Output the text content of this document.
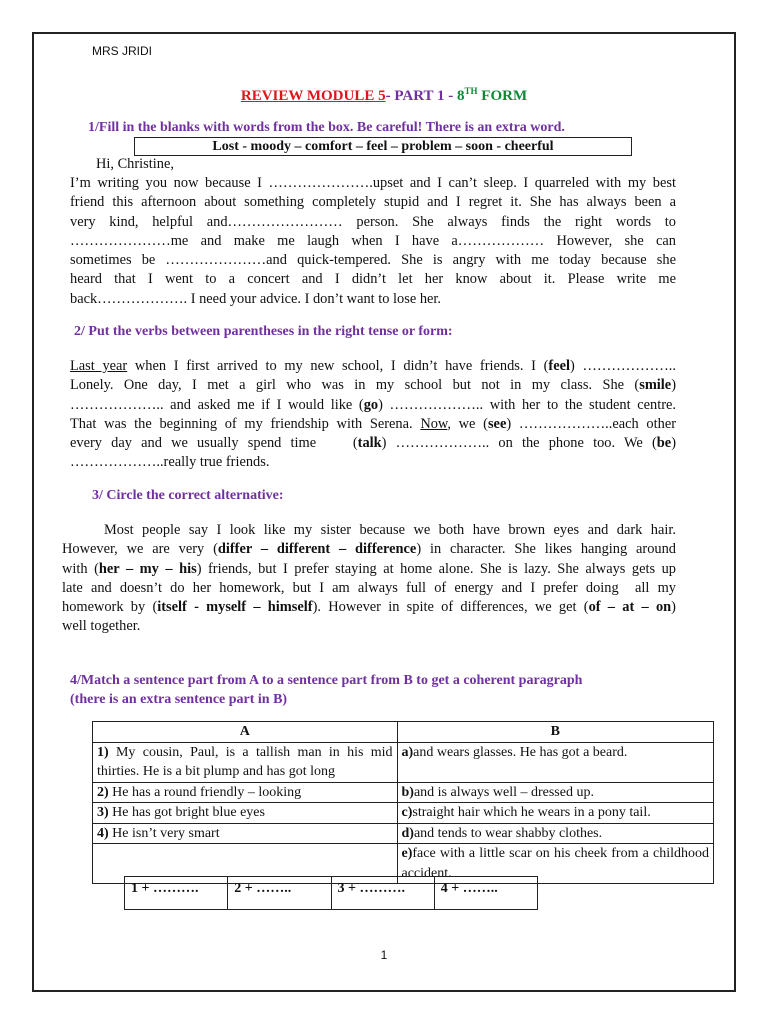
MRS JRIDI
REVIEW MODULE 5- PART 1 - 8TH FORM
1/Fill in the blanks with words from the box. Be careful! There is an extra word.
Lost - moody – comfort – feel – problem – soon - cheerful
Hi, Christine,
I’m writing you now because I ………………….upset and I can’t sleep. I quarreled with my best
friend this afternoon about something completely stupid and I regret it. She has always been a
very kind, helpful and…………………… person. She always finds the right words to
…………………me and make me laugh when I have a……………… However, she can
sometimes be …………………and quick-tempered. She is angry with me today because she
heard that I went to a concert and I didn’t let her know about it. Please write me
back………………. I need your advice. I don’t want to lose her.
2/ Put the verbs between parentheses in the right tense or form:
Last year when I first arrived to my new school, I didn’t have friends. I (feel) ………………..
Lonely. One day, I met a girl who was in my school but not in my class. She (smile)
……………….. and asked me if I would like (go) ……………….. with her to the student centre.
That was the beginning of my friendship with Serena. Now, we (see) ………………..each other
every day and we usually spend time    (talk) ……………….. on the phone too. We (be)
………………..really true friends.
3/ Circle the correct alternative:
Most people say I look like my sister because we both have brown eyes and dark hair.
However, we are very (differ – different – difference) in character. She likes hanging around
with (her – my – his) friends, but I prefer staying at home alone. She is lazy. She always gets up
late and doesn’t do her homework, but I am always full of energy and I prefer doing  all my
homework by (itself - myself – himself). However in spite of differences, we get (of – at – on)
well together.
4/Match a sentence part from A to a sentence part from B to get a coherent paragraph
(there is an extra sentence part in B)
A	B
1) My cousin, Paul, is a tallish man in his mid thirties. He is a bit plump and has got long	a)and wears glasses. He has got a beard.
2) He has a round friendly – looking	b)and is always well – dressed up.
3) He has got bright blue eyes	c)straight hair which he wears in a pony tail.
4) He isn’t very smart	d)and tends to wear shabby clothes.
	e)face with a little scar on his cheek from a childhood accident.
1 + ……….	2 + ……..	3 + ……….	4 + ……..
1
